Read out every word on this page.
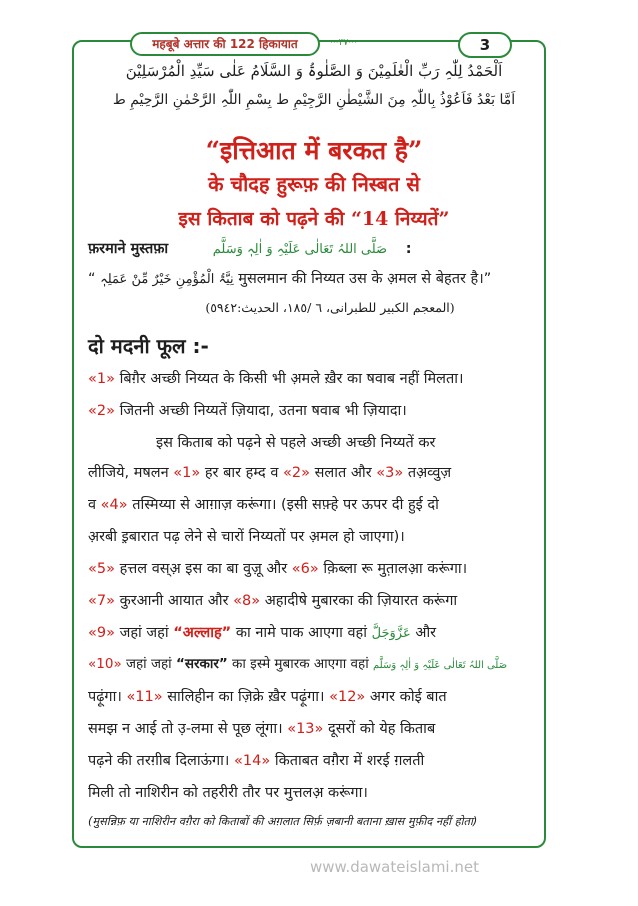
महबूबे अत्तार की 122 हिकायात	···٣٧···	3
اَلْحَمْدُ لِلّٰہِ رَبِّ الْعٰلَمِیْنَ وَ الصَّلٰوۃُ وَ السَّلَامُ عَلٰی سَیِّدِ الْمُرْسَلِیْنَ
اَمَّا بَعْدُ فَاَعُوْذُ بِاللّٰہِ مِنَ الشَّیْطٰنِ الرَّجِیْمِ ط بِسْمِ اللّٰہِ الرَّحْمٰنِ الرَّحِیْمِ ط
“इत्तिआत में बरकत है”
के चौदह हुरूफ़ की निस्बत से
इस किताब को पढ़ने की “14 निय्यतें”
फ़रमाने मुस्तफ़ा	صَلَّی اللہُ تَعَالٰی عَلَیْہِ وَ اٰلِہٖ وَسَلَّم :
“ نِیَّۃُ الْمُؤْمِنِ خَیْرٌ مِّنْ عَمَلِہٖ मुसलमान की निय्यत उस के अ़मल से बेहतर है।”
(المعجم الكبير للطبرانی، ٦ /١٨٥، الحدیث:٥٩٤٢)
दो मदनी फूल :-
«1» बिग़ैर अच्छी निय्यत के किसी भी अ़मले ख़ैर का षवाब नहीं मिलता।
«2» जितनी अच्छी निय्यतें ज़ियादा, उतना षवाब भी ज़ियादा।
इस किताब को पढ़ने से पहले अच्छी अच्छी निय्यतें कर
लीजिये, मषलन «1» हर बार हम्द व «2» सलात और «3» तअ़व्वुज़
व «4» तस्मिय्या से आग़ाज़ करूंगा। (इसी सफ़्हे पर ऊपर दी हुई दो
अ़रबी इ़बारात पढ़ लेने से चारों निय्यतों पर अ़मल हो जाएगा)।
«5» हत्तल वस्अ़ इस का बा वुज़ू और «6» क़िब्ला रू मुत़ालआ़ करूंगा।
«7» कुरआनी आयात और «8» अहादीषे मुबारका की ज़ियारत करूंगा
«9» जहां जहां “अल्लाह” का नामे पाक आएगा वहां عَزَّوَجَلَّ और
«10» जहां जहां “सरकार” का इस्मे मुबारक आएगा वहां صَلَّی اللہُ تَعَالٰی عَلَیْہِ وَ اٰلِہٖ وَسَلَّم
पढ़ूंगा। «11» सालिहीन का ज़िक्रे ख़ैर पढ़ूंगा। «12» अगर कोई बात
समझ न आई तो उ़-लमा से पूछ लूंगा। «13» दूसरों को येह किताब
पढ़ने की तरग़ीब दिलाऊंगा। «14» किताबत वग़ैरा में शरई ग़लती
मिली तो नाशिरीन को तहरीरी तौर पर मुत्तलअ़ करूंगा।
(मुसन्निफ़ या नाशिरीन वग़ैरा को किताबों की अग़लात सिर्फ़ ज़बानी बताना ख़ास मुफ़ीद नहीं होता)
www.dawateislami.net
